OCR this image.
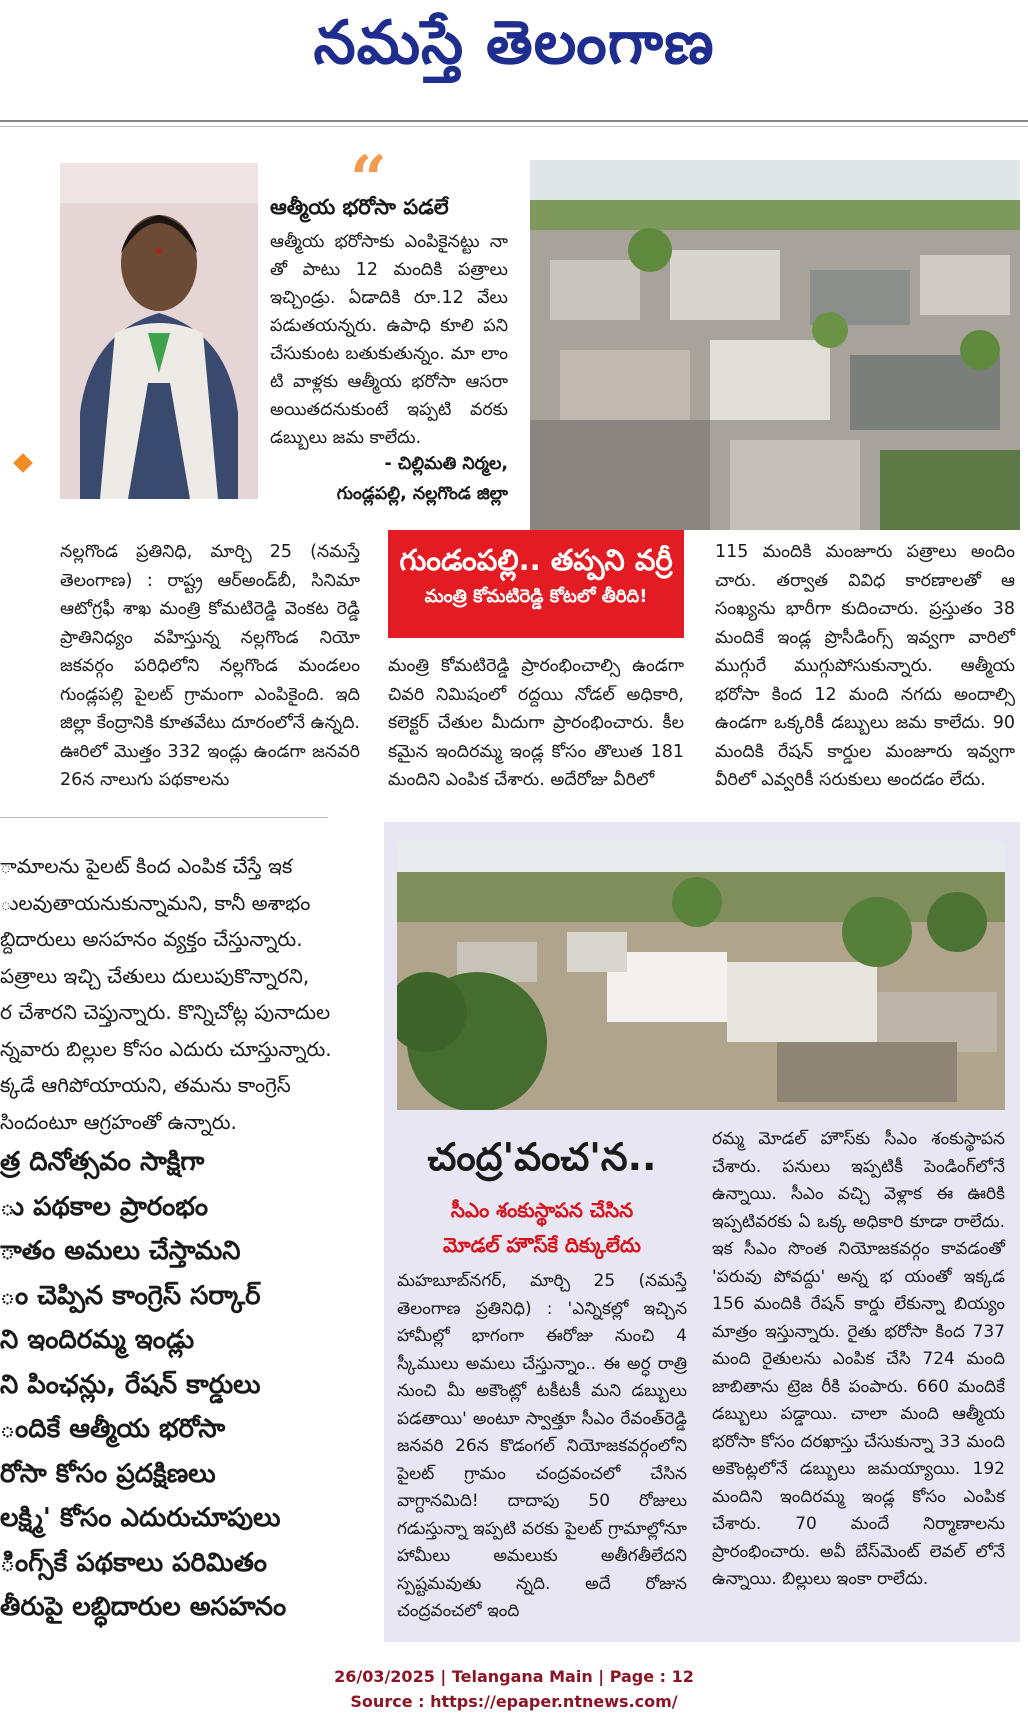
నమస్తే తెలంగాణ
“
ఆత్మీయ భరోసా పడలే
ఆత్మీయ భరోసాకు ఎంపికైనట్టు నా తో పాటు 12 మందికి పత్రాలు ఇచ్చిండ్రు. ఏడాదికి రూ.12 వేలు పడుతయన్నరు. ఉపాధి కూలి పని చేసుకుంట బతుకుతున్నం. మా లాం టి వాళ్లకు ఆత్మీయ భరోసా ఆసరా అయితదనుకుంటే ఇప్పటి వరకు డబ్బులు జమ కాలేదు.
- చిల్లిమతి నిర్మల,
గుండ్లపల్లి, నల్లగొండ జిల్లా
నల్లగొండ ప్రతినిధి, మార్చి 25 (నమస్తే తెలంగాణ) : రాష్ట్ర ఆర్‌అండ్‌బీ, సినిమా ఆటోగ్రఫీ శాఖ మంత్రి కోమటిరెడ్డి వెంకట రెడ్డి ప్రాతినిధ్యం వహిస్తున్న నల్లగొండ నియో జకవర్గం పరిధిలోని నల్లగొండ మండలం గుండ్లపల్లి పైలట్ గ్రామంగా ఎంపికైంది. ఇది జిల్లా కేంద్రానికి కూతవేటు దూరంలోనే ఉన్నది. ఊరిలో మొత్తం 332 ఇండ్లు ఉండగా జనవరి 26న నాలుగు పథకాలను
గుండంపల్లి.. తప్పని వర్రీ
మంత్రి కోమటిరెడ్డి కోటలో తీరిది!
మంత్రి కోమటిరెడ్డి ప్రారంభించాల్సి ఉండగా చివరి నిమిషంలో రద్దయి నోడల్ అధికారి, కలెక్టర్ చేతుల మీదుగా ప్రారంభించారు. కీల కమైన ఇందిరమ్మ ఇండ్ల కోసం తొలుత 181 మందిని ఎంపిక చేశారు. అదేరోజు వీరిలో
115 మందికి మంజూరు పత్రాలు అందిం చారు. తర్వాత వివిధ కారణాలతో ఆ సంఖ్యను భారీగా కుదించారు. ప్రస్తుతం 38 మందికే ఇండ్ల ప్రొసీడింగ్స్ ఇవ్వగా వారిలో ముగ్గురే ముగ్గుపోసుకున్నారు. ఆత్మీయ భరోసా కింద 12 మంది నగదు అందాల్సి ఉండగా ఒక్కరికీ డబ్బులు జమ కాలేదు. 90 మందికి రేషన్ కార్డుల మంజూరు ఇవ్వగా వీరిలో ఎవ్వరికీ సరుకులు అందడం లేదు.
ామాలను పైలట్ కింద ఎంపిక చేస్తే ఇక
ులవుతాయనుకున్నామని, కానీ అశాభం
బ్దిదారులు అసహనం వ్యక్తం చేస్తున్నారు.
పత్రాలు ఇచ్చి చేతులు దులుపుకొన్నారని,
ర చేశారని చెప్తున్నారు. కొన్నిచోట్ల పునాదుల
న్నవారు బిల్లుల కోసం ఎదురు చూస్తున్నారు.
క్కడే ఆగిపోయాయని, తమను కాంగ్రెస్
సిందంటూ ఆగ్రహంతో ఉన్నారు.
త్ర దినోత్సవం సాక్షిగా
ు పథకాల ప్రారంభం
ాతం అమలు చేస్తామని
ం చెప్పిన కాంగ్రెస్ సర్కార్
ని ఇందిరమ్మ ఇండ్లు
ని పింఛన్లు, రేషన్ కార్డులు
ందికే ఆత్మీయ భరోసా
రోసా కోసం ప్రదక్షిణలు
లక్ష్మి' కోసం ఎదురుచూపులు
ింగ్స్‌కే పథకాలు పరిమితం
తీరుపై లబ్ధిదారుల అసహనం
చంద్ర'వంచ'న..
సీఎం శంకుస్థాపన చేసిన
మోడల్ హౌస్‌కే దిక్కులేదు
మహబూబ్‌నగర్, మార్చి 25 (నమస్తే తెలంగాణ ప్రతినిధి) : 'ఎన్నికల్లో ఇచ్చిన హామీల్లో భాగంగా ఈరోజు నుంచి 4 స్కీములు అమలు చేస్తున్నాం.. ఈ అర్ధ రాత్రి నుంచి మీ అకౌంట్లో టకీటకీ మని డబ్బులు పడతాయి' అంటూ స్వాత్తూ సీఎం రేవంత్‌రెడ్డి జనవరి 26న కొడంగల్ నియోజకవర్గంలోని పైలట్ గ్రామం చంద్రవంచలో చేసిన వాగ్దానమిది! దాదాపు 50 రోజులు గడుస్తున్నా ఇప్పటి వరకు పైలట్ గ్రామాల్లోనూ హామీలు అమలుకు అతీగతీలేదని స్పష్టమవుతు న్నది. అదే రోజున చంద్రవంచలో ఇంది
రమ్మ మోడల్ హౌస్‌కు సీఎం శంకుస్థాపన చేశారు. పనులు ఇప్పటికీ పెండింగ్‌లోనే ఉన్నాయి. సీఎం వచ్చి వెళ్లాక ఈ ఊరికి ఇప్పటివరకు ఏ ఒక్క అధికారి కూడా రాలేదు. ఇక సీఎం సొంత నియోజకవర్గం కావడంతో 'పరువు పోవద్దు' అన్న భ యంతో ఇక్కడ 156 మందికి రేషన్ కార్డు లేకున్నా బియ్యం మాత్రం ఇస్తున్నారు. రైతు భరోసా కింద 737 మంది రైతులను ఎంపిక చేసి 724 మంది జాబితాను ట్రెజ రీకి పంపారు. 660 మందికే డబ్బులు పడ్డాయి. చాలా మంది ఆత్మీయ భరోసా కోసం దరఖాస్తు చేసుకున్నా 33 మంది అకౌంట్లలోనే డబ్బులు జమయ్యాయి. 192 మందిని ఇందిరమ్మ ఇండ్ల కోసం ఎంపిక చేశారు. 70 మందే నిర్మాణాలను ప్రారంభించారు. అవీ బేస్‌మెంట్ లెవల్ లోనే ఉన్నాయి. బిల్లులు ఇంకా రాలేదు.
26/03/2025 | Telangana Main | Page : 12
Source : https://epaper.ntnews.com/
